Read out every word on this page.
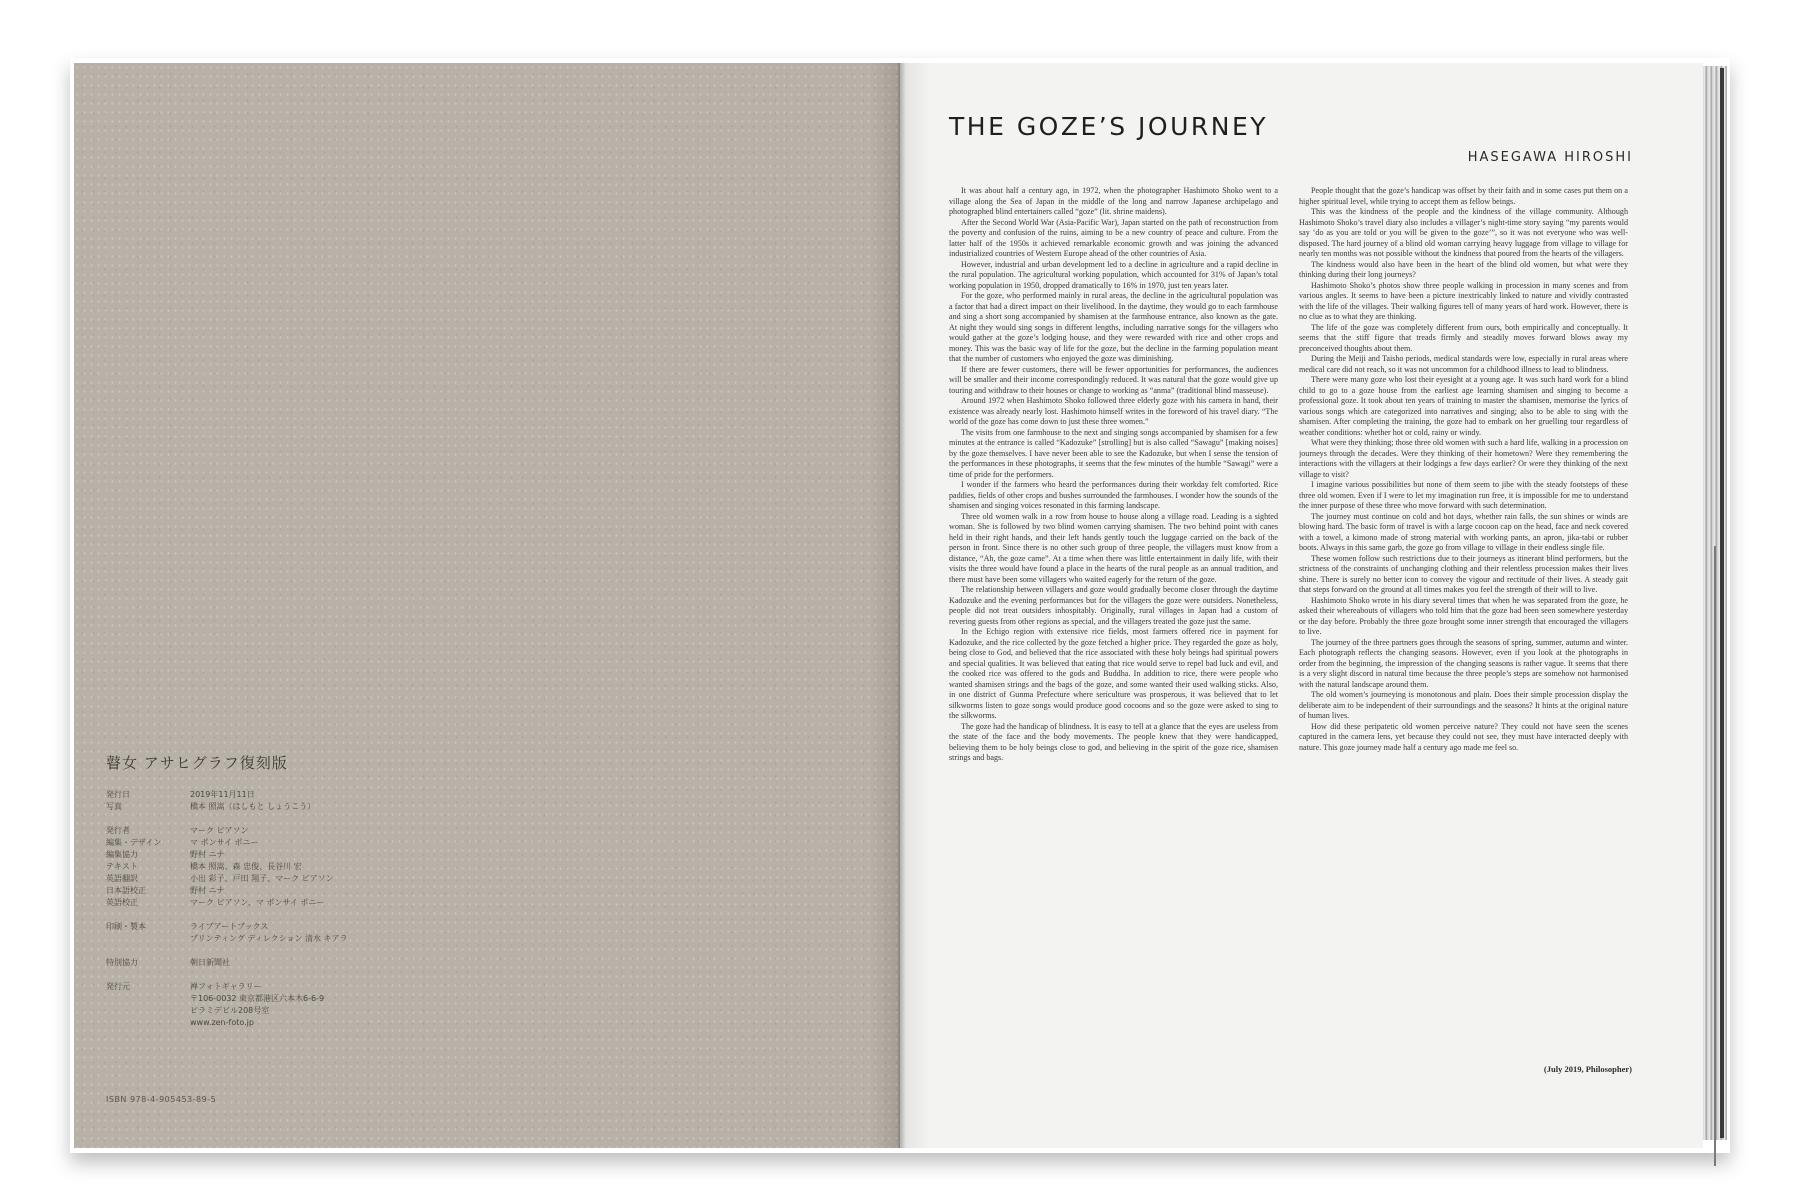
瞽女 アサヒグラフ復刻版
発行日	2019年11月11日
写真	橋本 照嵩（はしもと しょうこう）
発行者	マーク ピアソン
編集・デザイン	マ ポンサイ ポニー
編集協力	野村 ニナ
テキスト	橋本 照嵩、森 忠俊、長谷川 宏
英語翻訳	小出 彩子、戸田 翔子、マーク ピアソン
日本語校正	野村 ニナ
英語校正	マーク ピアソン、マ ポンサイ ポニー
印刷・製本	ライブアートブックス
プリンティング ディレクション 清水 キアラ
特別協力	朝日新聞社
発行元	禅フォトギャラリー
〒106-0032 東京都港区六本木6-6-9
ピラミデビル208号室
www.zen-foto.jp
ISBN 978-4-905453-89-5
THE GOZE’S JOURNEY
HASEGAWA HIROSHI

It was about half a century ago, in 1972, when the photographer Hashimoto Shoko went to a village along the Sea of Japan in the middle of the long and narrow Japanese archipelago and photographed blind entertainers called “goze” (lit. shrine maidens).

After the Second World War (Asia-Pacific War), Japan started on the path of reconstruction from the poverty and confusion of the ruins, aiming to be a new country of peace and culture. From the latter half of the 1950s it achieved remarkable economic growth and was joining the advanced industrialized countries of Western Europe ahead of the other countries of Asia.

However, industrial and urban development led to a decline in agriculture and a rapid decline in the rural population. The agricultural working population, which accounted for 31% of Japan’s total working population in 1950, dropped dramatically to 16% in 1970, just ten years later.

For the goze, who performed mainly in rural areas, the decline in the agricultural population was a factor that had a direct impact on their livelihood. In the daytime, they would go to each farmhouse and sing a short song accompanied by shamisen at the farmhouse entrance, also known as the gate. At night they would sing songs in different lengths, including narrative songs for the villagers who would gather at the goze’s lodging house, and they were rewarded with rice and other crops and money. This was the basic way of life for the goze, but the decline in the farming population meant that the number of customers who enjoyed the goze was diminishing.

If there are fewer customers, there will be fewer opportunities for performances, the audiences will be smaller and their income correspondingly reduced. It was natural that the goze would give up touring and withdraw to their houses or change to working as “anma” (traditional blind masseuse).

Around 1972 when Hashimoto Shoko followed three elderly goze with his camera in hand, their existence was already nearly lost. Hashimoto himself writes in the foreword of his travel diary. “The world of the goze has come down to just these three women.”

The visits from one farmhouse to the next and singing songs accompanied by shamisen for a few minutes at the entrance is called “Kadozuke” [strolling] but is also called “Sawagu” [making noises] by the goze themselves. I have never been able to see the Kadozuke, but when I sense the tension of the performances in these photographs, it seems that the few minutes of the humble “Sawagi” were a time of pride for the performers.

I wonder if the farmers who heard the performances during their workday felt comforted. Rice paddies, fields of other crops and bushes surrounded the farmhouses. I wonder how the sounds of the shamisen and singing voices resonated in this farming landscape.

Three old women walk in a row from house to house along a village road. Leading is a sighted woman. She is followed by two blind women carrying shamisen. The two behind point with canes held in their right hands, and their left hands gently touch the luggage carried on the back of the person in front. Since there is no other such group of three people, the villagers must know from a distance, “Ah, the goze came”. At a time when there was little entertainment in daily life, with their visits the three would have found a place in the hearts of the rural people as an annual tradition, and there must have been some villagers who waited eagerly for the return of the goze.

The relationship between villagers and goze would gradually become closer through the daytime Kadozuke and the evening performances but for the villagers the goze were outsiders. Nonetheless, people did not treat outsiders inhospitably. Originally, rural villages in Japan had a custom of revering guests from other regions as special, and the villagers treated the goze just the same.

In the Echigo region with extensive rice fields, most farmers offered rice in payment for Kadozuke, and the rice collected by the goze fetched a higher price. They regarded the goze as holy, being close to God, and believed that the rice associated with these holy beings had spiritual powers and special qualities. It was believed that eating that rice would serve to repel bad luck and evil, and the cooked rice was offered to the gods and Buddha. In addition to rice, there were people who wanted shamisen strings and the bags of the goze, and some wanted their used walking sticks. Also, in one district of Gunma Prefecture where sericulture was prosperous, it was believed that to let silkworms listen to goze songs would produce good cocoons and so the goze were asked to sing to the silkworms.

The goze had the handicap of blindness. It is easy to tell at a glance that the eyes are useless from the state of the face and the body movements. The people knew that they were handicapped, believing them to be holy beings close to god, and believing in the spirit of the goze rice, shamisen strings and bags.

People thought that the goze’s handicap was offset by their faith and in some cases put them on a higher spiritual level, while trying to accept them as fellow beings.

This was the kindness of the people and the kindness of the village community. Although Hashimoto Shoko’s travel diary also includes a villager’s night-time story saying “my parents would say ‘do as you are told or you will be given to the goze’”, so it was not everyone who was well-disposed. The hard journey of a blind old woman carrying heavy luggage from village to village for nearly ten months was not possible without the kindness that poured from the hearts of the villagers.

The kindness would also have been in the heart of the blind old women, but what were they thinking during their long journeys?

Hashimoto Shoko’s photos show three people walking in procession in many scenes and from various angles. It seems to have been a picture inextricably linked to nature and vividly contrasted with the life of the villages. Their walking figures tell of many years of hard work. However, there is no clue as to what they are thinking.

The life of the goze was completely different from ours, both empirically and conceptually. It seems that the stiff figure that treads firmly and steadily moves forward blows away my preconceived thoughts about them.

During the Meiji and Taisho periods, medical standards were low, especially in rural areas where medical care did not reach, so it was not uncommon for a childhood illness to lead to blindness.

There were many goze who lost their eyesight at a young age. It was such hard work for a blind child to go to a goze house from the earliest age learning shamisen and singing to become a professional goze. It took about ten years of training to master the shamisen, memorise the lyrics of various songs which are categorized into narratives and singing; also to be able to sing with the shamisen. After completing the training, the goze had to embark on her gruelling tour regardless of weather conditions: whether hot or cold, rainy or windy.

What were they thinking; those three old women with such a hard life, walking in a procession on journeys through the decades. Were they thinking of their hometown? Were they remembering the interactions with the villagers at their lodgings a few days earlier? Or were they thinking of the next village to visit?

I imagine various possibilities but none of them seem to jibe with the steady footsteps of these three old women. Even if I were to let my imagination run free, it is impossible for me to understand the inner purpose of these three who move forward with such determination.

The journey must continue on cold and hot days, whether rain falls, the sun shines or winds are blowing hard. The basic form of travel is with a large cocoon cap on the head, face and neck covered with a towel, a kimono made of strong material with working pants, an apron, jika-tabi or rubber boots. Always in this same garb, the goze go from village to village in their endless single file.

These women follow such restrictions due to their journeys as itinerant blind performers, but the strictness of the constraints of unchanging clothing and their relentless procession makes their lives shine. There is surely no better icon to convey the vigour and rectitude of their lives. A steady gait that steps forward on the ground at all times makes you feel the strength of their will to live.

Hashimoto Shoko wrote in his diary several times that when he was separated from the goze, he asked their whereabouts of villagers who told him that the goze had been seen somewhere yesterday or the day before. Probably the three goze brought some inner strength that encouraged the villagers to live.

The journey of the three partners goes through the seasons of spring, summer, autumn and winter. Each photograph reflects the changing seasons. However, even if you look at the photographs in order from the beginning, the impression of the changing seasons is rather vague. It seems that there is a very slight discord in natural time because the three people’s steps are somehow not harmonised with the natural landscape around them.

The old women’s journeying is monotonous and plain. Does their simple procession display the deliberate aim to be independent of their surroundings and the seasons? It hints at the original nature of human lives.

How did these peripatetic old women perceive nature? They could not have seen the scenes captured in the camera lens, yet because they could not see, they must have interacted deeply with nature. This goze journey made half a century ago made me feel so.

(July 2019, Philosopher)
